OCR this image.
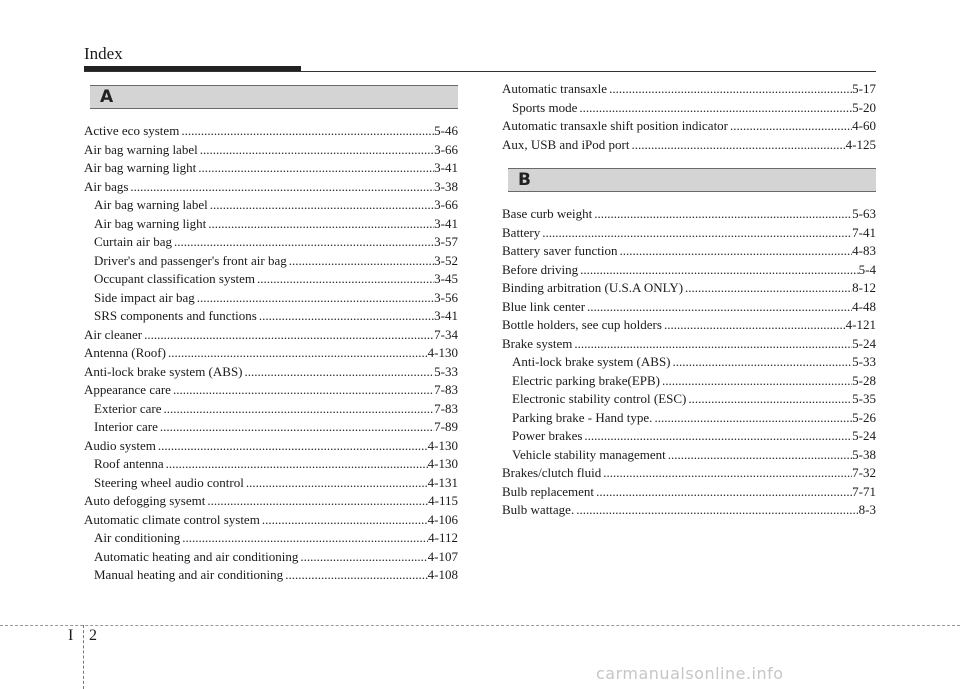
Index
A
Active eco system .....	5-46
Air bag warning label .....	3-66
Air bag warning light .....	3-41
Air bags .....	3-38
Air bag warning label .....	3-66
Air bag warning light .....	3-41
Curtain air bag .....	3-57
Driver's and passenger's front air bag .....	3-52
Occupant classification system .....	3-45
Side impact air bag .....	3-56
SRS components and functions .....	3-41
Air cleaner .....	7-34
Antenna (Roof) .....	4-130
Anti-lock brake system (ABS) .....	5-33
Appearance care .....	7-83
Exterior care .....	7-83
Interior care .....	7-89
Audio system .....	4-130
Roof antenna .....	4-130
Steering wheel audio control .....	4-131
Auto defogging sysemt .....	4-115
Automatic climate control system .....	4-106
Air conditioning .....	4-112
Automatic heating and air conditioning .....	4-107
Manual heating and air conditioning .....	4-108
Automatic transaxle .....	5-17
Sports mode .....	5-20
Automatic transaxle shift position indicator .....	4-60
Aux, USB and iPod port .....	4-125
B
Base curb weight .....	5-63
Battery .....	7-41
Battery saver function .....	4-83
Before driving .....	5-4
Binding arbitration (U.S.A ONLY) .....	8-12
Blue link center .....	4-48
Bottle holders, see cup holders .....	4-121
Brake system .....	5-24
Anti-lock brake system (ABS) .....	5-33
Electric parking brake(EPB) .....	5-28
Electronic stability control (ESC) .....	5-35
Parking brake - Hand type. .....	5-26
Power brakes .....	5-24
Vehicle stability management .....	5-38
Brakes/clutch fluid .....	7-32
Bulb replacement .....	7-71
Bulb wattage. .....	8-3
I 2
carmanualsonline.info
